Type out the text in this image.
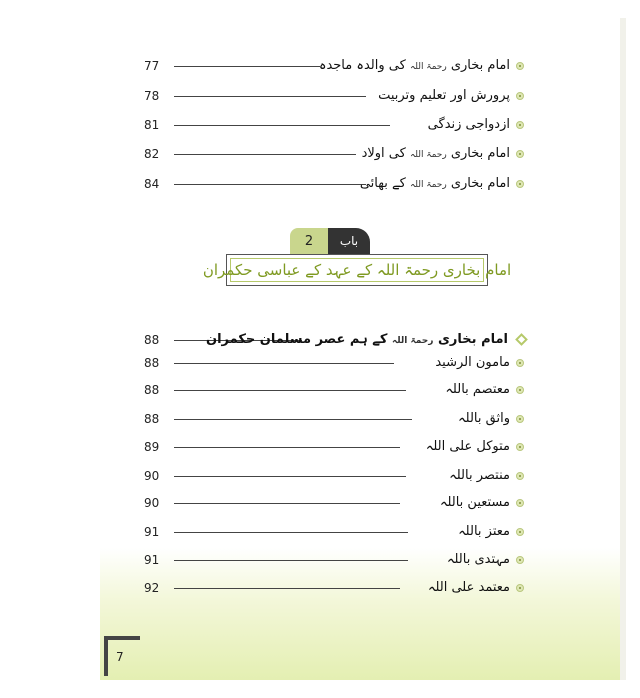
77	امام بخاری رحمۃ اللہ کی والدہ ماجدہ
78	پرورش اور تعلیم وتربیت
81	ازدواجی زندگی
82	امام بخاری رحمۃ اللہ کی اولاد
84	امام بخاری رحمۃ اللہ کے بھائی
2	باب
امام بخاری رحمۃ اللہ کے عہد کے عباسی حکمران
88	امام بخاری رحمۃ اللہ کے ہم عصر مسلمان حکمران
88	مامون الرشید
88	معتصم باللہ
88	واثق باللہ
89	متوکل علی اللہ
90	منتصر باللہ
90	مستعین باللہ
91	معتز باللہ
91	مہتدی باللہ
92	معتمد علی اللہ
7
